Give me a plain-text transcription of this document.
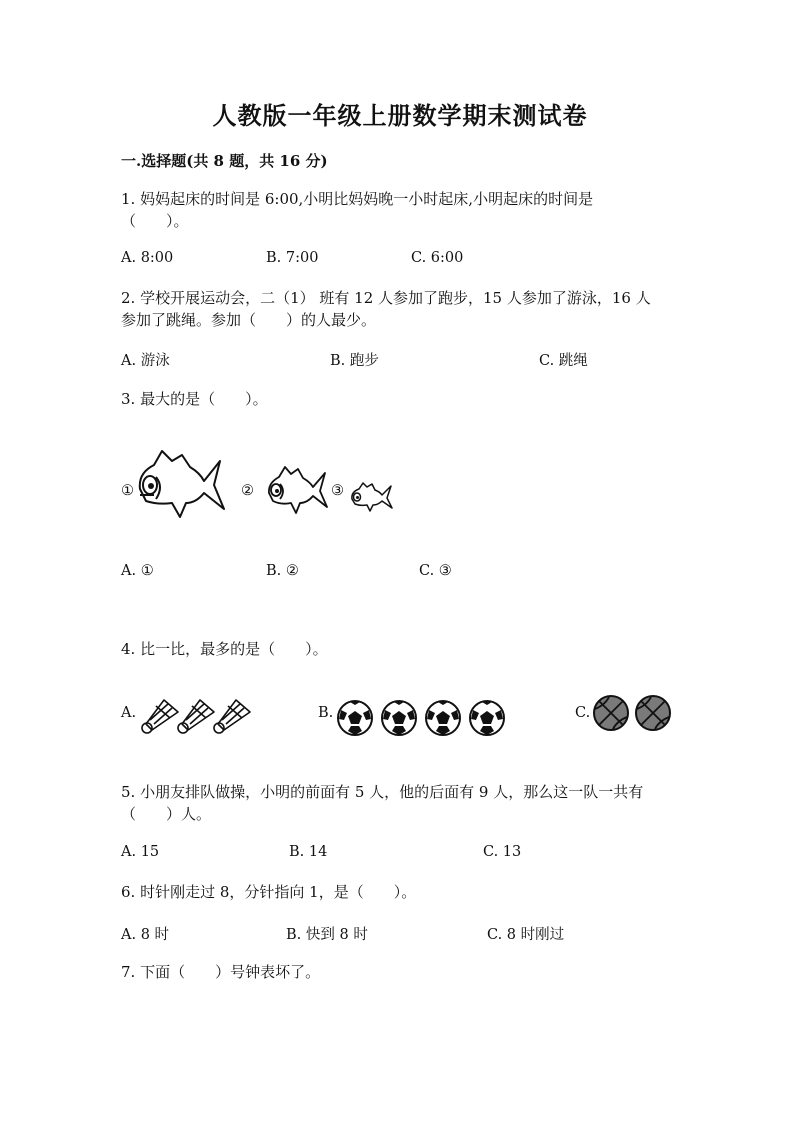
人教版一年级上册数学期末测试卷
一.选择题(共 8 题，共 16 分)
1. 妈妈起床的时间是 6:00,小明比妈妈晚一小时起床,小明起床的时间是
（　　）。
A. 8:00	B. 7:00	C. 6:00
2. 学校开展运动会，二（1） 班有 12 人参加了跑步，15 人参加了游泳，16 人
参加了跳绳。参加（　　）的人最少。
A. 游泳	B. 跑步	C. 跳绳
3. 最大的是（　　）。
①	②	③
A. ①	B. ②	C. ③
4. 比一比，最多的是（　　）。
A.	B.	C.
5. 小朋友排队做操，小明的前面有 5 人，他的后面有 9 人，那么这一队一共有
（　　）人。
A. 15	B. 14	C. 13
6. 时针刚走过 8，分针指向 1，是（　　）。
A. 8 时	B. 快到 8 时	C. 8 时刚过
7. 下面（　　）号钟表坏了。
